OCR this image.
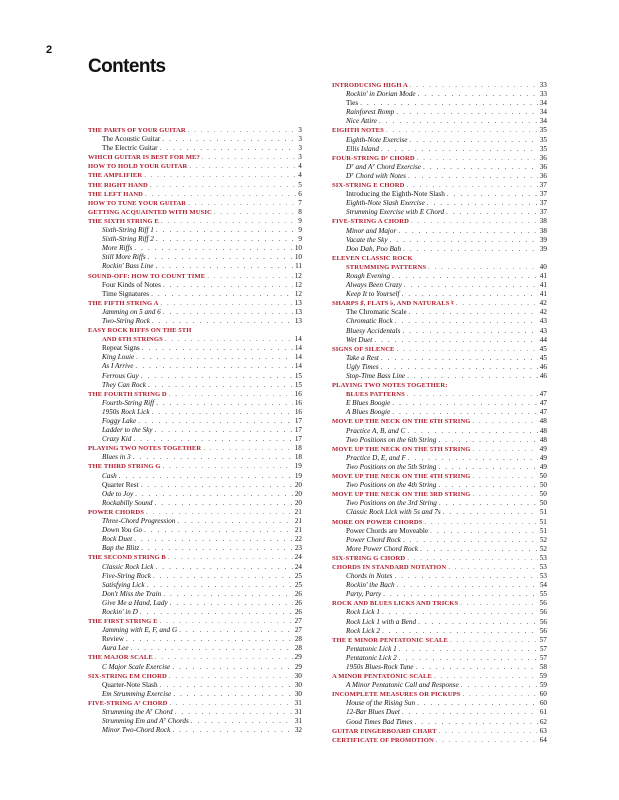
2
Contents
THE PARTS OF YOUR GUITAR . . .	3
The Acoustic Guitar . . .	3
The Electric Guitar . . .	3
WHICH GUITAR IS BEST FOR ME? . . .	3
HOW TO HOLD YOUR GUITAR . . .	4
THE AMPLIFIER . . .	4
THE RIGHT HAND . . .	5
THE LEFT HAND . . .	6
HOW TO TUNE YOUR GUITAR . . .	7
GETTING ACQUAINTED WITH MUSIC . . .	8
THE SIXTH STRING E . . .	9
Sixth-String Riff 1 . . .	9
Sixth-String Riff 2 . . .	9
More Riffs . . .	10
Still More Riffs . . .	10
Rockin' Bass Line . . .	11
SOUND-OFF: HOW TO COUNT TIME . . .	12
Four Kinds of Notes . . .	12
Time Signatures . . .	12
THE FIFTH STRING A . . .	13
Jamming on 5 and 6 . . .	13
Two-String Rock . . .	13
EASY ROCK RIFFS ON THE 5TH
AND 6TH STRINGS . . .	14
Repeat Signs . . .	14
King Louie . . .	14
As I Arrive . . .	14
Ferrous Guy . . .	15
They Can Rock . . .	15
THE FOURTH STRING D . . .	16
Fourth-String Riff . . .	16
1950s Rock Lick . . .	16
Foggy Lake . . .	17
Ladder to the Sky . . .	17
Crazy Kid . . .	17
PLAYING TWO NOTES TOGETHER . . .	18
Blues in 3 . . .	18
THE THIRD STRING G . . .	19
Cash . . .	19
Quarter Rest . . .	20
Ode to Joy . . .	20
Rockabilly Sound . . .	20
POWER CHORDS . . .	21
Three-Chord Progression . . .	21
Down You Go . . .	21
Rock Duet . . .	22
Bap the Blitz . . .	23
THE SECOND STRING B . . .	24
Classic Rock Lick . . .	24
Five-String Rock . . .	25
Satisfying Lick . . .	25
Don't Miss the Train . . .	26
Give Me a Hand, Lady . . .	26
Rockin' in D . . .	26
THE FIRST STRING E . . .	27
Jamming with E, F, and G . . .	27
Review . . .	28
Aura Lee . . .	28
THE MAJOR SCALE . . .	29
C Major Scale Exercise . . .	29
SIX-STRING EM CHORD . . .	30
Quarter-Note Slash . . .	30
Em Strumming Exercise . . .	30
FIVE-STRING A⁷ CHORD . . .	31
Strumming the A⁷ Chord . . .	31
Strumming Em and A⁷ Chords . . .	31
Minor Two-Chord Rock . . .	32
INTRODUCING HIGH A . . .	33
Rockin' in Dorian Mode . . .	33
Ties . . .	34
Rainforest Romp . . .	34
Nice Attire . . .	34
EIGHTH NOTES . . .	35
Eighth-Note Exercise . . .	35
Ellis Island . . .	35
FOUR-STRING D⁷ CHORD . . .	36
D⁷ and A⁷ Chord Exercise . . .	36
D⁷ Chord with Notes . . .	36
SIX-STRING E CHORD . . .	37
Introducing the Eighth-Note Slash . . .	37
Eighth-Note Slash Exercise . . .	37
Strumming Exercise with E Chord . . .	37
FIVE-STRING A CHORD . . .	38
Minor and Major . . .	38
Vacate the Sky . . .	39
Doo Dah, Poo Bah . . .	39
ELEVEN CLASSIC ROCK
STRUMMING PATTERNS . . .	40
Rough Evening . . .	41
Always Been Crazy . . .	41
Keep It to Yourself . . .	41
SHARPS ♯, FLATS ♭, AND NATURALS ♮ . . .	42
The Chromatic Scale . . .	42
Chromatic Rock . . .	43
Bluesy Accidentals . . .	43
Wet Duet . . .	44
SIGNS OF SILENCE . . .	45
Take a Rest . . .	45
Ugly Times . . .	46
Stop-Time Bass Line . . .	46
PLAYING TWO NOTES TOGETHER:
BLUES PATTERNS . . .	47
E Blues Boogie . . .	47
A Blues Boogie . . .	47
MOVE UP THE NECK ON THE 6TH STRING . . .	48
Practice A, B, and C . . .	48
Two Positions on the 6th String . . .	48
MOVE UP THE NECK ON THE 5TH STRING . . .	49
Practice D, E, and F . . .	49
Two Positions on the 5th String . . .	49
MOVE UP THE NECK ON THE 4TH STRING . . .	50
Two Positions on the 4th String . . .	50
MOVE UP THE NECK ON THE 3RD STRING . . .	50
Two Positions on the 3rd String . . .	50
Classic Rock Lick with 5s and 7s . . .	51
MORE ON POWER CHORDS . . .	51
Power Chords are Moveable . . .	51
Power Chord Rock . . .	52
More Power Chord Rock . . .	52
SIX-STRING G CHORD . . .	53
CHORDS IN STANDARD NOTATION . . .	53
Chords in Notes . . .	53
Rockin' the Bach . . .	54
Party, Party . . .	55
ROCK AND BLUES LICKS AND TRICKS . . .	56
Rock Lick 1 . . .	56
Rock Lick 1 with a Bend . . .	56
Rock Lick 2 . . .	56
THE E MINOR PENTATONIC SCALE . . .	57
Pentatonic Lick 1 . . .	57
Pentatonic Lick 2 . . .	57
1950s Blues-Rock Tune . . .	58
A MINOR PENTATONIC SCALE . . .	59
A Minor Pentatonic Call and Response . . .	59
INCOMPLETE MEASURES OR PICKUPS . . .	60
House of the Rising Sun . . .	60
12-Bar Blues Duet . . .	61
Good Times Bad Times . . .	62
GUITAR FINGERBOARD CHART . . .	63
CERTIFICATE OF PROMOTION . . .	64
